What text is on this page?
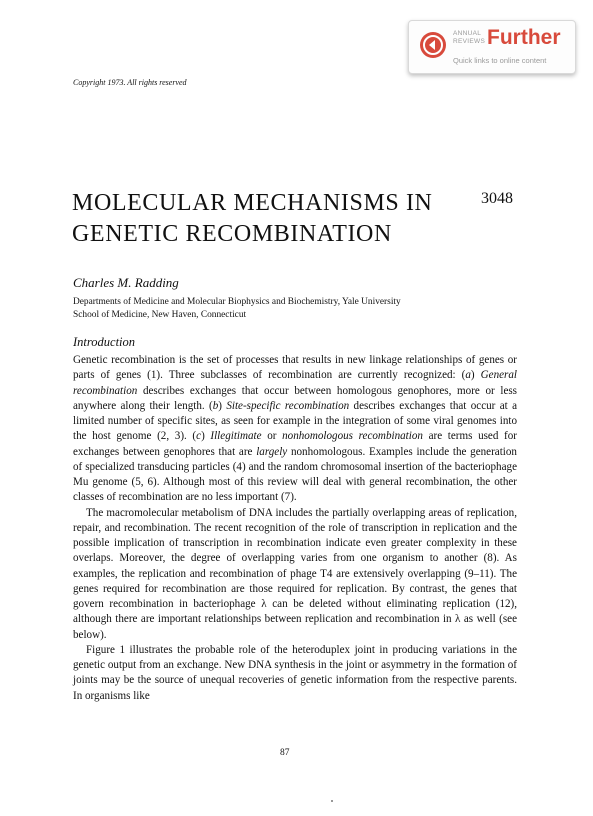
ANNUAL
REVIEWS Further
Quick links to online content
Copyright 1973. All rights reserved
MOLECULAR MECHANISMS IN
GENETIC RECOMBINATION
3048
Charles M. Radding
Departments of Medicine and Molecular Biophysics and Biochemistry, Yale University
School of Medicine, New Haven, Connecticut
Introduction

Genetic recombination is the set of processes that results in new linkage relationships of genes or parts of genes (1). Three subclasses of recombination are currently recognized: (a) General recombination describes exchanges that occur between homologous genophores, more or less anywhere along their length. (b) Site-specific recombination describes exchanges that occur at a limited number of specific sites, as seen for example in the integration of some viral genomes into the host genome (2, 3). (c) Illegitimate or nonhomologous recombination are terms used for exchanges between genophores that are largely nonhomologous. Examples include the generation of specialized transducing particles (4) and the random chromosomal insertion of the bacteriophage Mu genome (5, 6). Although most of this review will deal with general recombination, the other classes of recombination are no less important (7).

The macromolecular metabolism of DNA includes the partially overlapping areas of replication, repair, and recombination. The recent recognition of the role of transcription in replication and the possible implication of transcription in recombination indicate even greater complexity in these overlaps. Moreover, the degree of overlapping varies from one organism to another (8). As examples, the replication and recombination of phage T4 are extensively overlapping (9–11). The genes required for recombination are those required for replication. By contrast, the genes that govern recombination in bacteriophage λ can be deleted without eliminating replication (12), although there are important relationships between replication and recombination in λ as well (see below).

Figure 1 illustrates the probable role of the heteroduplex joint in producing variations in the genetic output from an exchange. New DNA synthesis in the joint or asymmetry in the formation of joints may be the source of unequal recoveries of genetic information from the respective parents. In organisms like

87
